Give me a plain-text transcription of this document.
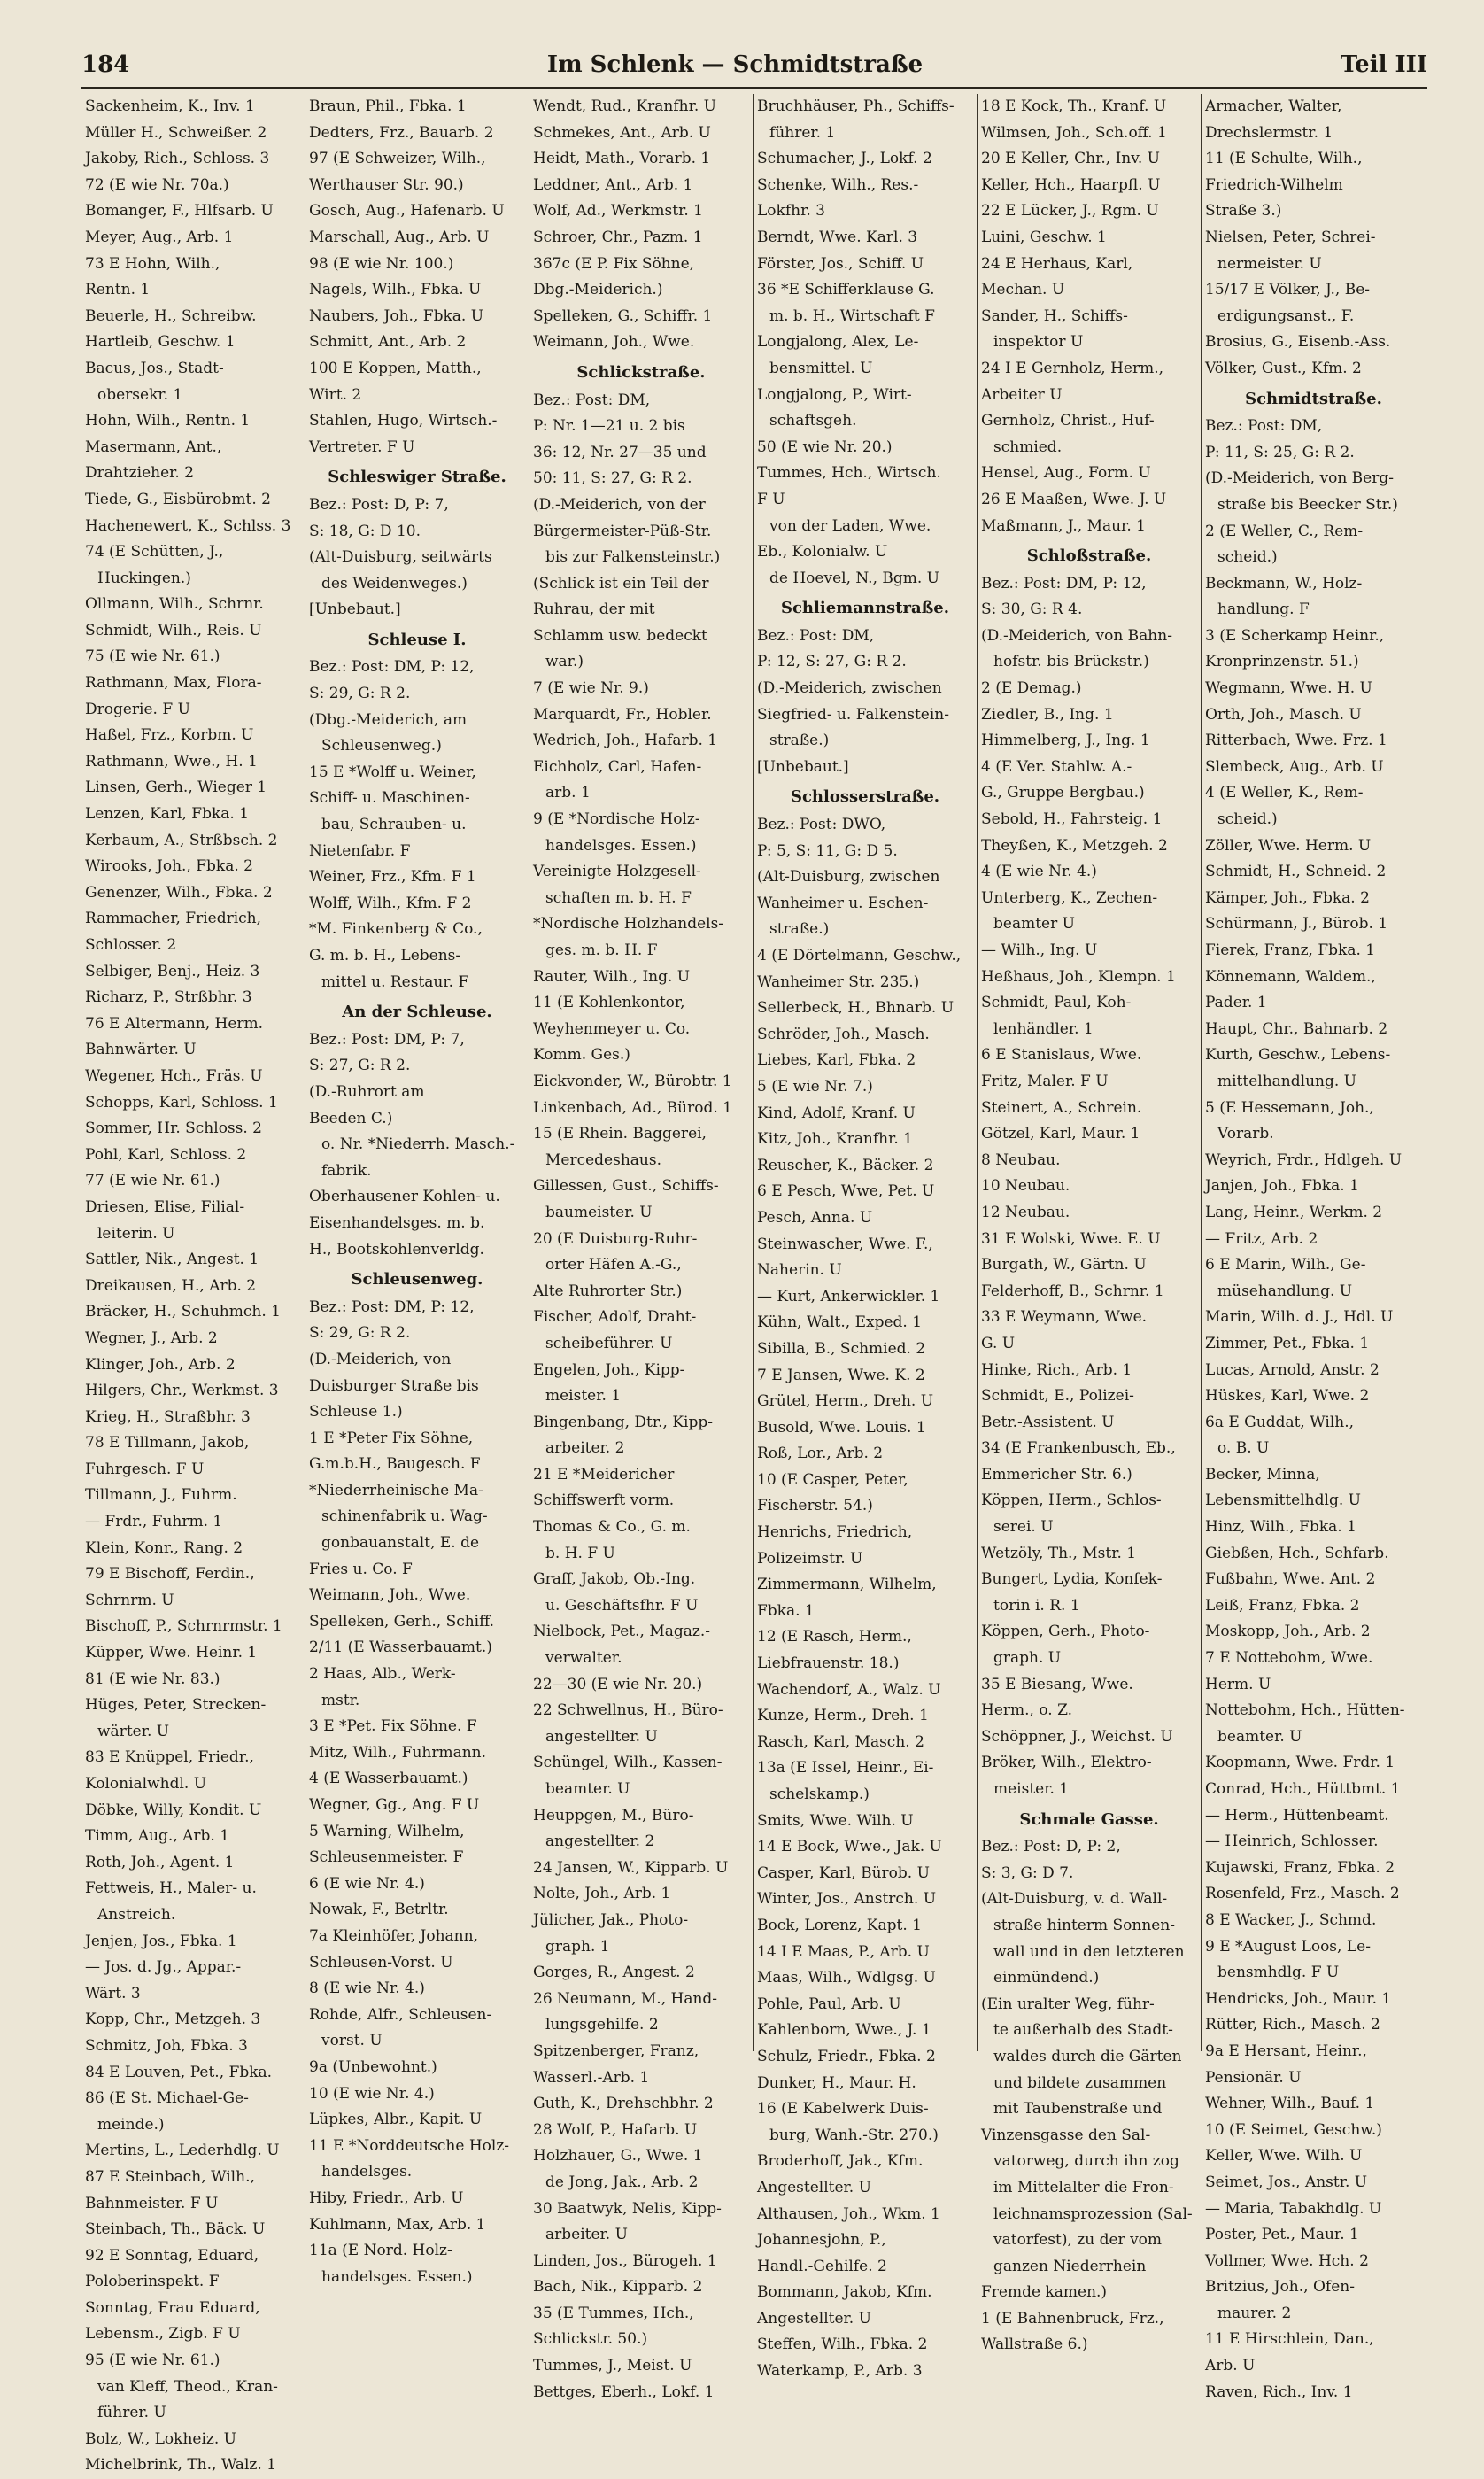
184	Im Schlenk — Schmidtstraße	Teil III
Sackenheim, K., Inv. 1
Müller H., Schweißer. 2
Jakoby, Rich., Schloss. 3
72 (E wie Nr. 70a.)
Bomanger, F., Hlfsarb. U
Meyer, Aug., Arb. 1
73 E Hohn, Wilh.,
Rentn. 1
Beuerle, H., Schreibw.
Hartleib, Geschw. 1
Bacus, Jos., Stadt-
obersekr. 1
Hohn, Wilh., Rentn. 1
Masermann, Ant.,
Drahtzieher. 2
Tiede, G., Eisbürobmt. 2
Hachenewert, K., Schlss. 3
74 (E Schütten, J.,
Huckingen.)
Ollmann, Wilh., Schrnr.
Schmidt, Wilh., Reis. U
75 (E wie Nr. 61.)
Rathmann, Max, Flora-
Drogerie. F U
Haßel, Frz., Korbm. U
Rathmann, Wwe., H. 1
Linsen, Gerh., Wieger 1
Lenzen, Karl, Fbka. 1
Kerbaum, A., Strßbsch. 2
Wirooks, Joh., Fbka. 2
Genenzer, Wilh., Fbka. 2
Rammacher, Friedrich,
Schlosser. 2
Selbiger, Benj., Heiz. 3
Richarz, P., Strßbhr. 3
76 E Altermann, Herm.
Bahnwärter. U
Wegener, Hch., Fräs. U
Schopps, Karl, Schloss. 1
Sommer, Hr. Schloss. 2
Pohl, Karl, Schloss. 2
77 (E wie Nr. 61.)
Driesen, Elise, Filial-
leiterin. U
Sattler, Nik., Angest. 1
Dreikausen, H., Arb. 2
Bräcker, H., Schuhmch. 1
Wegner, J., Arb. 2
Klinger, Joh., Arb. 2
Hilgers, Chr., Werkmst. 3
Krieg, H., Straßbhr. 3
78 E Tillmann, Jakob,
Fuhrgesch. F U
Tillmann, J., Fuhrm.
— Frdr., Fuhrm. 1
Klein, Konr., Rang. 2
79 E Bischoff, Ferdin.,
Schrnrm. U
Bischoff, P., Schrnrmstr. 1
Küpper, Wwe. Heinr. 1
81 (E wie Nr. 83.)
Hüges, Peter, Strecken-
wärter. U
83 E Knüppel, Friedr.,
Kolonialwhdl. U
Döbke, Willy, Kondit. U
Timm, Aug., Arb. 1
Roth, Joh., Agent. 1
Fettweis, H., Maler- u.
Anstreich.
Jenjen, Jos., Fbka. 1
— Jos. d. Jg., Appar.-
Wärt. 3
Kopp, Chr., Metzgeh. 3
Schmitz, Joh, Fbka. 3
84 E Louven, Pet., Fbka.
86 (E St. Michael-Ge-
meinde.)
Mertins, L., Lederhdlg. U
87 E Steinbach, Wilh.,
Bahnmeister. F U
Steinbach, Th., Bäck. U
92 E Sonntag, Eduard,
Poloberinspekt. F
Sonntag, Frau Eduard,
Lebensm., Zigb. F U
95 (E wie Nr. 61.)
van Kleff, Theod., Kran-
führer. U
Bolz, W., Lokheiz. U
Michelbrink, Th., Walz. 1
Braun, Phil., Fbka. 1
Dedters, Frz., Bauarb. 2
97 (E Schweizer, Wilh.,
Werthauser Str. 90.)
Gosch, Aug., Hafenarb. U
Marschall, Aug., Arb. U
98 (E wie Nr. 100.)
Nagels, Wilh., Fbka. U
Naubers, Joh., Fbka. U
Schmitt, Ant., Arb. 2
100 E Koppen, Matth.,
Wirt. 2
Stahlen, Hugo, Wirtsch.-
Vertreter. F U
Schleswiger Straße.
Bez.: Post: D, P: 7,
S: 18, G: D 10.
(Alt-Duisburg, seitwärts
des Weidenweges.)
[Unbebaut.]
Schleuse I.
Bez.: Post: DM, P: 12,
S: 29, G: R 2.
(Dbg.-Meiderich, am
Schleusenweg.)
15 E *Wolff u. Weiner,
Schiff- u. Maschinen-
bau, Schrauben- u.
Nietenfabr. F
Weiner, Frz., Kfm. F 1
Wolff, Wilh., Kfm. F 2
*M. Finkenberg & Co.,
G. m. b. H., Lebens-
mittel u. Restaur. F
An der Schleuse.
Bez.: Post: DM, P: 7,
S: 27, G: R 2.
(D.-Ruhrort am
Beeden C.)
o. Nr. *Niederrh. Masch.-
fabrik.
Oberhausener Kohlen- u.
Eisenhandelsges. m. b.
H., Bootskohlenverldg.
Schleusenweg.
Bez.: Post: DM, P: 12,
S: 29, G: R 2.
(D.-Meiderich, von
Duisburger Straße bis
Schleuse 1.)
1 E *Peter Fix Söhne,
G.m.b.H., Baugesch. F
*Niederrheinische Ma-
schinenfabrik u. Wag-
gonbauanstalt, E. de
Fries u. Co. F
Weimann, Joh., Wwe.
Spelleken, Gerh., Schiff.
2/11 (E Wasserbauamt.)
2 Haas, Alb., Werk-
mstr.
3 E *Pet. Fix Söhne. F
Mitz, Wilh., Fuhrmann.
4 (E Wasserbauamt.)
Wegner, Gg., Ang. F U
5 Warning, Wilhelm,
Schleusenmeister. F
6 (E wie Nr. 4.)
Nowak, F., Betrltr.
7a Kleinhöfer, Johann,
Schleusen-Vorst. U
8 (E wie Nr. 4.)
Rohde, Alfr., Schleusen-
vorst. U
9a (Unbewohnt.)
10 (E wie Nr. 4.)
Lüpkes, Albr., Kapit. U
11 E *Norddeutsche Holz-
handelsges.
Hiby, Friedr., Arb. U
Kuhlmann, Max, Arb. 1
11a (E Nord. Holz-
handelsges. Essen.)
Wendt, Rud., Kranfhr. U
Schmekes, Ant., Arb. U
Heidt, Math., Vorarb. 1
Leddner, Ant., Arb. 1
Wolf, Ad., Werkmstr. 1
Schroer, Chr., Pazm. 1
367c (E P. Fix Söhne,
Dbg.-Meiderich.)
Spelleken, G., Schiffr. 1
Weimann, Joh., Wwe.
Schlickstraße.
Bez.: Post: DM,
P: Nr. 1—21 u. 2 bis
36: 12, Nr. 27—35 und
50: 11, S: 27, G: R 2.
(D.-Meiderich, von der
Bürgermeister-Püß-Str.
bis zur Falkensteinstr.)
(Schlick ist ein Teil der
Ruhrau, der mit
Schlamm usw. bedeckt
war.)
7 (E wie Nr. 9.)
Marquardt, Fr., Hobler.
Wedrich, Joh., Hafarb. 1
Eichholz, Carl, Hafen-
arb. 1
9 (E *Nordische Holz-
handelsges. Essen.)
Vereinigte Holzgesell-
schaften m. b. H. F
*Nordische Holzhandels-
ges. m. b. H. F
Rauter, Wilh., Ing. U
11 (E Kohlenkontor,
Weyhenmeyer u. Co.
Komm. Ges.)
Eickvonder, W., Bürobtr. 1
Linkenbach, Ad., Bürod. 1
15 (E Rhein. Baggerei,
Mercedeshaus.
Gillessen, Gust., Schiffs-
baumeister. U
20 (E Duisburg-Ruhr-
orter Häfen A.-G.,
Alte Ruhrorter Str.)
Fischer, Adolf, Draht-
scheibeführer. U
Engelen, Joh., Kipp-
meister. 1
Bingenbang, Dtr., Kipp-
arbeiter. 2
21 E *Meidericher
Schiffswerft vorm.
Thomas & Co., G. m.
b. H. F U
Graff, Jakob, Ob.-Ing.
u. Geschäftsfhr. F U
Nielbock, Pet., Magaz.-
verwalter.
22—30 (E wie Nr. 20.)
22 Schwellnus, H., Büro-
angestellter. U
Schüngel, Wilh., Kassen-
beamter. U
Heuppgen, M., Büro-
angestellter. 2
24 Jansen, W., Kipparb. U
Nolte, Joh., Arb. 1
Jülicher, Jak., Photo-
graph. 1
Gorges, R., Angest. 2
26 Neumann, M., Hand-
lungsgehilfe. 2
Spitzenberger, Franz,
Wasserl.-Arb. 1
Guth, K., Drehschbhr. 2
28 Wolf, P., Hafarb. U
Holzhauer, G., Wwe. 1
de Jong, Jak., Arb. 2
30 Baatwyk, Nelis, Kipp-
arbeiter. U
Linden, Jos., Bürogeh. 1
Bach, Nik., Kipparb. 2
35 (E Tummes, Hch.,
Schlickstr. 50.)
Tummes, J., Meist. U
Bettges, Eberh., Lokf. 1
Bruchhäuser, Ph., Schiffs-
führer. 1
Schumacher, J., Lokf. 2
Schenke, Wilh., Res.-
Lokfhr. 3
Berndt, Wwe. Karl. 3
Förster, Jos., Schiff. U
36 *E Schifferklause G.
m. b. H., Wirtschaft F
Longjalong, Alex, Le-
bensmittel. U
Longjalong, P., Wirt-
schaftsgeh.
50 (E wie Nr. 20.)
Tummes, Hch., Wirtsch.
F U
von der Laden, Wwe.
Eb., Kolonialw. U
de Hoevel, N., Bgm. U
Schliemannstraße.
Bez.: Post: DM,
P: 12, S: 27, G: R 2.
(D.-Meiderich, zwischen
Siegfried- u. Falkenstein-
straße.)
[Unbebaut.]
Schlosserstraße.
Bez.: Post: DWO,
P: 5, S: 11, G: D 5.
(Alt-Duisburg, zwischen
Wanheimer u. Eschen-
straße.)
4 (E Dörtelmann, Geschw.,
Wanheimer Str. 235.)
Sellerbeck, H., Bhnarb. U
Schröder, Joh., Masch.
Liebes, Karl, Fbka. 2
5 (E wie Nr. 7.)
Kind, Adolf, Kranf. U
Kitz, Joh., Kranfhr. 1
Reuscher, K., Bäcker. 2
6 E Pesch, Wwe, Pet. U
Pesch, Anna. U
Steinwascher, Wwe. F.,
Naherin. U
— Kurt, Ankerwickler. 1
Kühn, Walt., Exped. 1
Sibilla, B., Schmied. 2
7 E Jansen, Wwe. K. 2
Grütel, Herm., Dreh. U
Busold, Wwe. Louis. 1
Roß, Lor., Arb. 2
10 (E Casper, Peter,
Fischerstr. 54.)
Henrichs, Friedrich,
Polizeimstr. U
Zimmermann, Wilhelm,
Fbka. 1
12 (E Rasch, Herm.,
Liebfrauenstr. 18.)
Wachendorf, A., Walz. U
Kunze, Herm., Dreh. 1
Rasch, Karl, Masch. 2
13a (E Issel, Heinr., Ei-
schelskamp.)
Smits, Wwe. Wilh. U
14 E Bock, Wwe., Jak. U
Casper, Karl, Bürob. U
Winter, Jos., Anstrch. U
Bock, Lorenz, Kapt. 1
14 I E Maas, P., Arb. U
Maas, Wilh., Wdlgsg. U
Pohle, Paul, Arb. U
Kahlenborn, Wwe., J. 1
Schulz, Friedr., Fbka. 2
Dunker, H., Maur. H.
16 (E Kabelwerk Duis-
burg, Wanh.-Str. 270.)
Broderhoff, Jak., Kfm.
Angestellter. U
Althausen, Joh., Wkm. 1
Johannesjohn, P.,
Handl.-Gehilfe. 2
Bommann, Jakob, Kfm.
Angestellter. U
Steffen, Wilh., Fbka. 2
Waterkamp, P., Arb. 3
18 E Kock, Th., Kranf. U
Wilmsen, Joh., Sch.off. 1
20 E Keller, Chr., Inv. U
Keller, Hch., Haarpfl. U
22 E Lücker, J., Rgm. U
Luini, Geschw. 1
24 E Herhaus, Karl,
Mechan. U
Sander, H., Schiffs-
inspektor U
24 I E Gernholz, Herm.,
Arbeiter U
Gernholz, Christ., Huf-
schmied.
Hensel, Aug., Form. U
26 E Maaßen, Wwe. J. U
Maßmann, J., Maur. 1
Schloßstraße.
Bez.: Post: DM, P: 12,
S: 30, G: R 4.
(D.-Meiderich, von Bahn-
hofstr. bis Brückstr.)
2 (E Demag.)
Ziedler, B., Ing. 1
Himmelberg, J., Ing. 1
4 (E Ver. Stahlw. A.-
G., Gruppe Bergbau.)
Sebold, H., Fahrsteig. 1
Theyßen, K., Metzgeh. 2
4 (E wie Nr. 4.)
Unterberg, K., Zechen-
beamter U
— Wilh., Ing. U
Heßhaus, Joh., Klempn. 1
Schmidt, Paul, Koh-
lenhändler. 1
6 E Stanislaus, Wwe.
Fritz, Maler. F U
Steinert, A., Schrein.
Götzel, Karl, Maur. 1
8 Neubau.
10 Neubau.
12 Neubau.
31 E Wolski, Wwe. E. U
Burgath, W., Gärtn. U
Felderhoff, B., Schrnr. 1
33 E Weymann, Wwe.
G. U
Hinke, Rich., Arb. 1
Schmidt, E., Polizei-
Betr.-Assistent. U
34 (E Frankenbusch, Eb.,
Emmericher Str. 6.)
Köppen, Herm., Schlos-
serei. U
Wetzöly, Th., Mstr. 1
Bungert, Lydia, Konfek-
torin i. R. 1
Köppen, Gerh., Photo-
graph. U
35 E Biesang, Wwe.
Herm., o. Z.
Schöppner, J., Weichst. U
Bröker, Wilh., Elektro-
meister. 1
Schmale Gasse.
Bez.: Post: D, P: 2,
S: 3, G: D 7.
(Alt-Duisburg, v. d. Wall-
straße hinterm Sonnen-
wall und in den letzteren
einmündend.)
(Ein uralter Weg, führ-
te außerhalb des Stadt-
waldes durch die Gärten
und bildete zusammen
mit Taubenstraße und
Vinzensgasse den Sal-
vatorweg, durch ihn zog
im Mittelalter die Fron-
leichnamsprozession (Sal-
vatorfest), zu der vom
ganzen Niederrhein
Fremde kamen.)
1 (E Bahnenbruck, Frz.,
Wallstraße 6.)
Armacher, Walter,
Drechslermstr. 1
11 (E Schulte, Wilh.,
Friedrich-Wilhelm
Straße 3.)
Nielsen, Peter, Schrei-
nermeister. U
15/17 E Völker, J., Be-
erdigungsanst., F.
Brosius, G., Eisenb.-Ass.
Völker, Gust., Kfm. 2
Schmidtstraße.
Bez.: Post: DM,
P: 11, S: 25, G: R 2.
(D.-Meiderich, von Berg-
straße bis Beecker Str.)
2 (E Weller, C., Rem-
scheid.)
Beckmann, W., Holz-
handlung. F
3 (E Scherkamp Heinr.,
Kronprinzenstr. 51.)
Wegmann, Wwe. H. U
Orth, Joh., Masch. U
Ritterbach, Wwe. Frz. 1
Slembeck, Aug., Arb. U
4 (E Weller, K., Rem-
scheid.)
Zöller, Wwe. Herm. U
Schmidt, H., Schneid. 2
Kämper, Joh., Fbka. 2
Schürmann, J., Bürob. 1
Fierek, Franz, Fbka. 1
Könnemann, Waldem.,
Pader. 1
Haupt, Chr., Bahnarb. 2
Kurth, Geschw., Lebens-
mittelhandlung. U
5 (E Hessemann, Joh.,
Vorarb.
Weyrich, Frdr., Hdlgeh. U
Janjen, Joh., Fbka. 1
Lang, Heinr., Werkm. 2
— Fritz, Arb. 2
6 E Marin, Wilh., Ge-
müsehandlung. U
Marin, Wilh. d. J., Hdl. U
Zimmer, Pet., Fbka. 1
Lucas, Arnold, Anstr. 2
Hüskes, Karl, Wwe. 2
6a E Guddat, Wilh.,
o. B. U
Becker, Minna,
Lebensmittelhdlg. U
Hinz, Wilh., Fbka. 1
Giebßen, Hch., Schfarb.
Fußbahn, Wwe. Ant. 2
Leiß, Franz, Fbka. 2
Moskopp, Joh., Arb. 2
7 E Nottebohm, Wwe.
Herm. U
Nottebohm, Hch., Hütten-
beamter. U
Koopmann, Wwe. Frdr. 1
Conrad, Hch., Hüttbmt. 1
— Herm., Hüttenbeamt.
— Heinrich, Schlosser.
Kujawski, Franz, Fbka. 2
Rosenfeld, Frz., Masch. 2
8 E Wacker, J., Schmd.
9 E *August Loos, Le-
bensmhdlg. F U
Hendricks, Joh., Maur. 1
Rütter, Rich., Masch. 2
9a E Hersant, Heinr.,
Pensionär. U
Wehner, Wilh., Bauf. 1
10 (E Seimet, Geschw.)
Keller, Wwe. Wilh. U
Seimet, Jos., Anstr. U
— Maria, Tabakhdlg. U
Poster, Pet., Maur. 1
Vollmer, Wwe. Hch. 2
Britzius, Joh., Ofen-
maurer. 2
11 E Hirschlein, Dan.,
Arb. U
Raven, Rich., Inv. 1
